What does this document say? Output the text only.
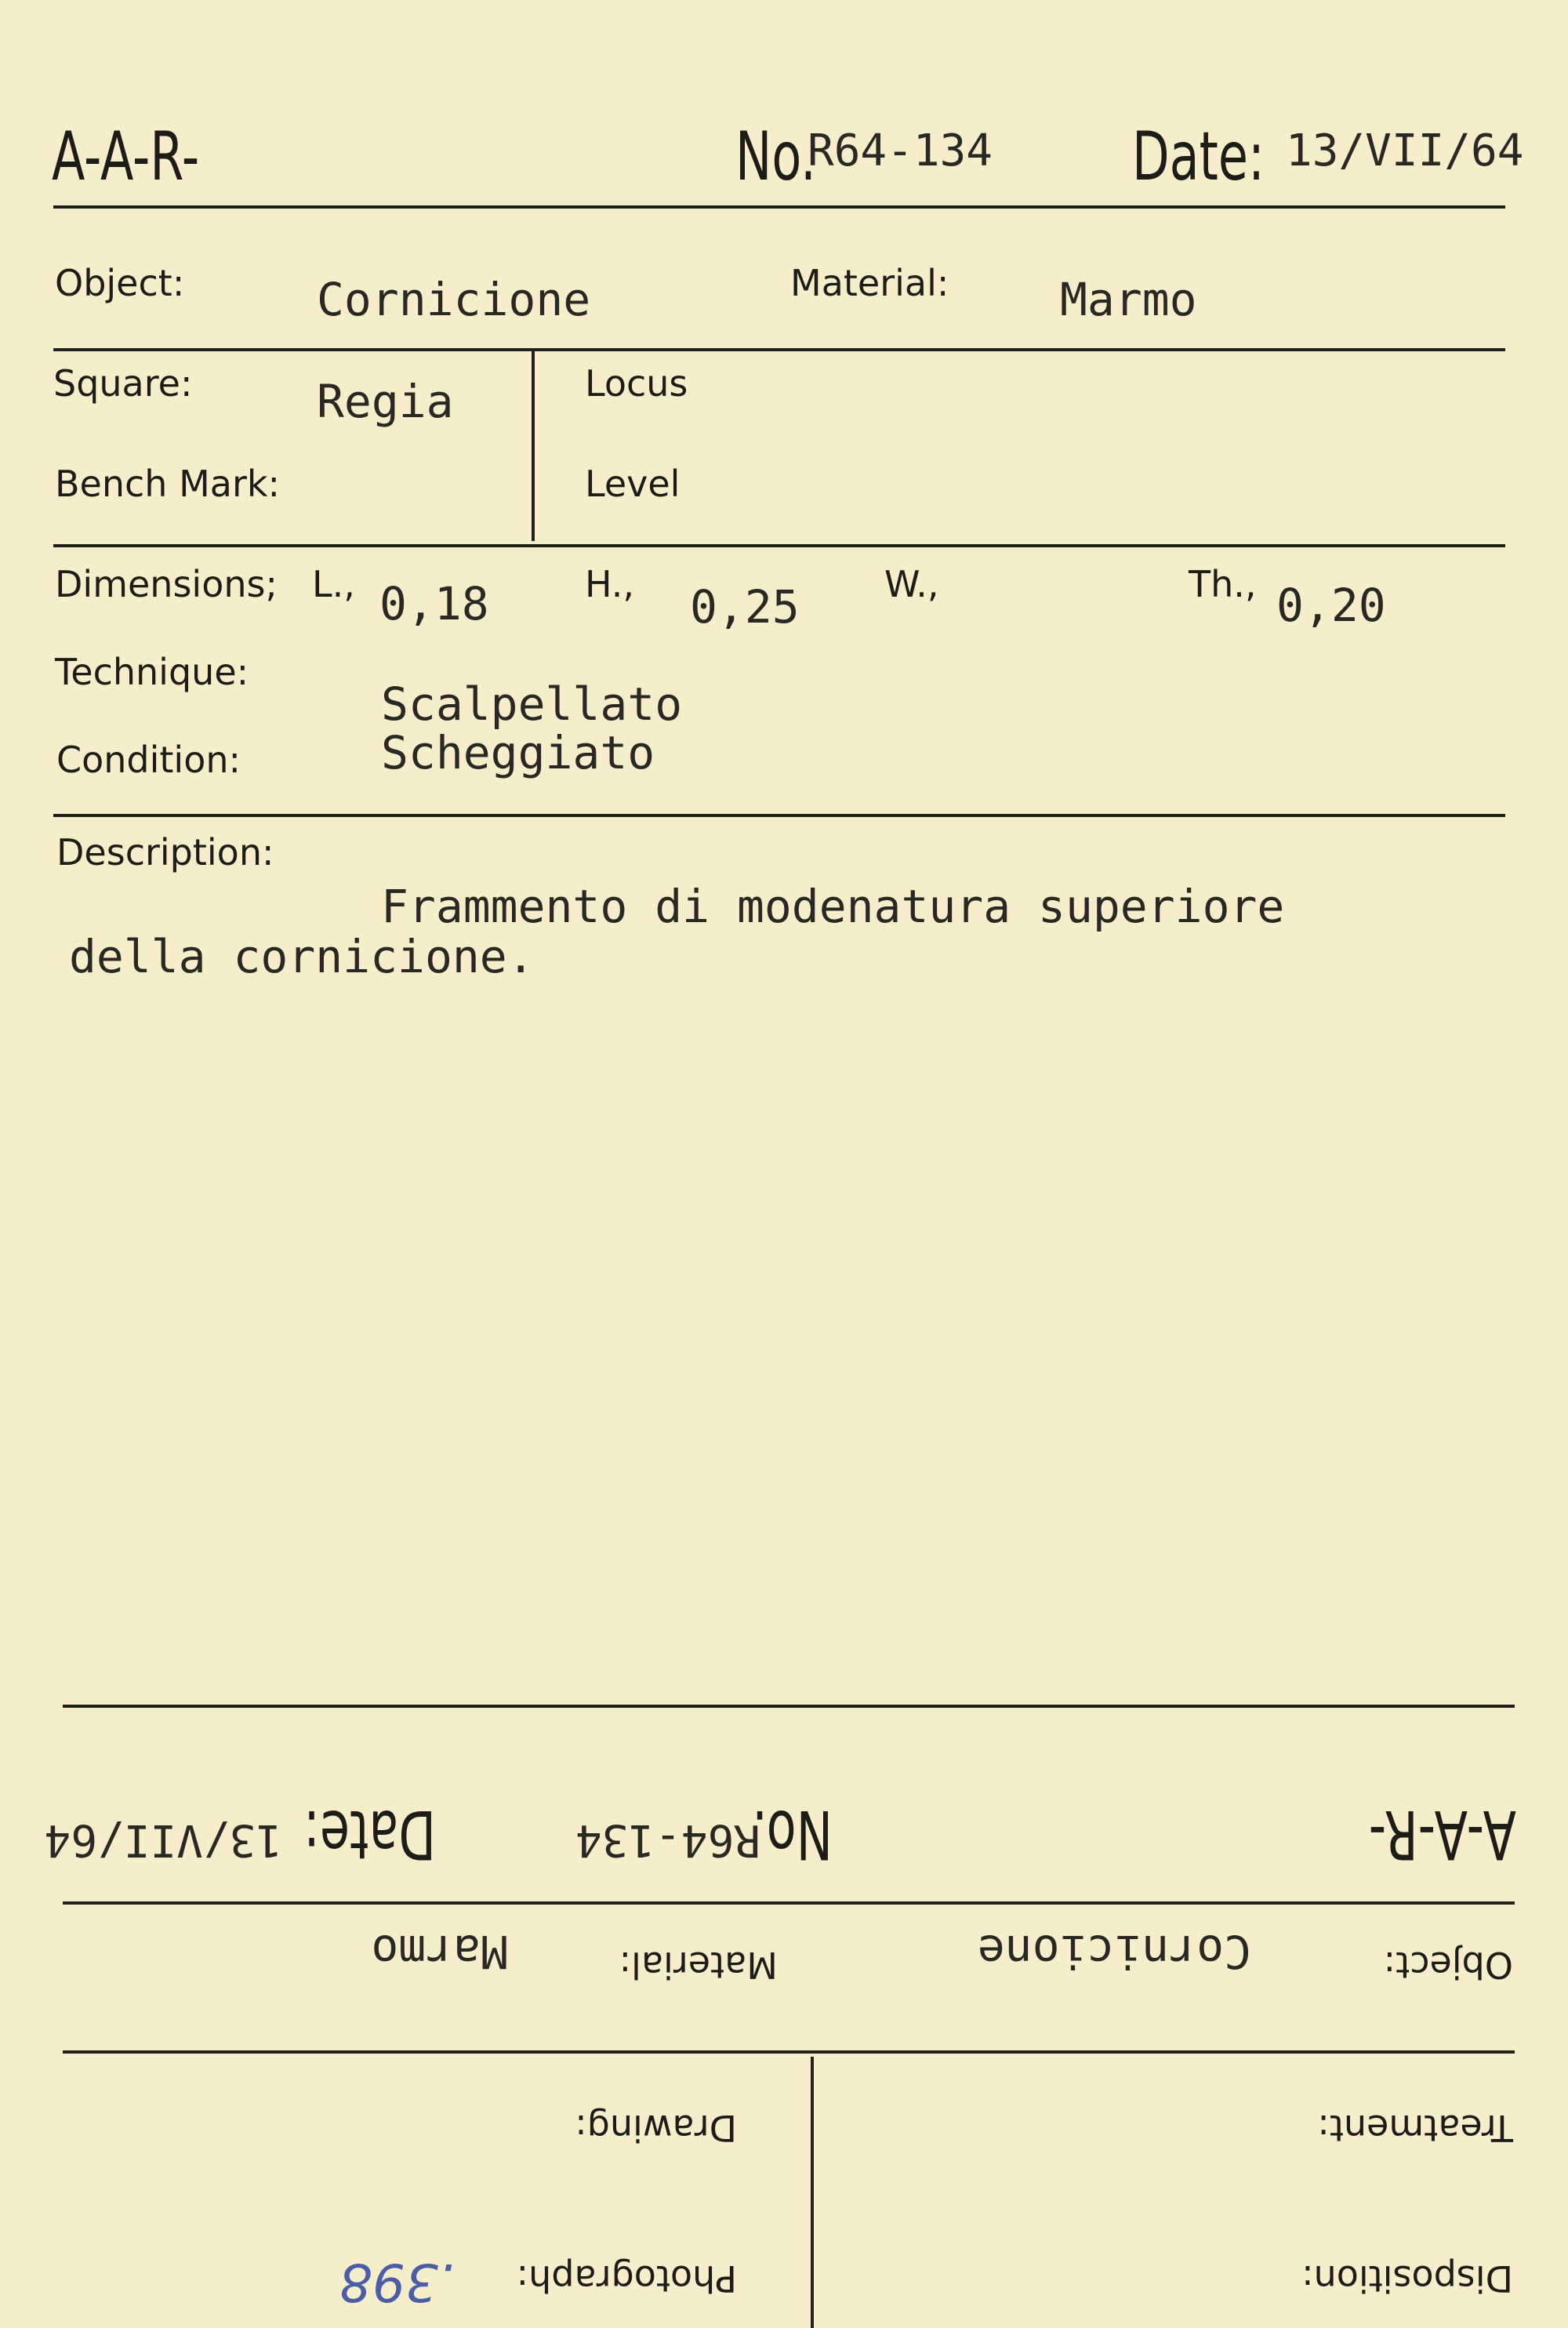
A-A-R-	No.
R64-134 Date: 13/VII/64
Object:	Cornicione	Material: Marmo
Square:	Regia	Locus
Bench Mark:	Level
Dimensions; L., 0,18	H., 0,25 W.,	Th., 0,20
Technique:
Scalpellato
Condition:	Scheggiato
Description:
Frammento di modenatura superiore
della cornicione.
A-A-R-
No.
R64-134
Date:
13/VII/64
Object:
Cornicione
Material:
Marmo
Treatment:
Disposition:
Drawing:
Photograph:
.398
